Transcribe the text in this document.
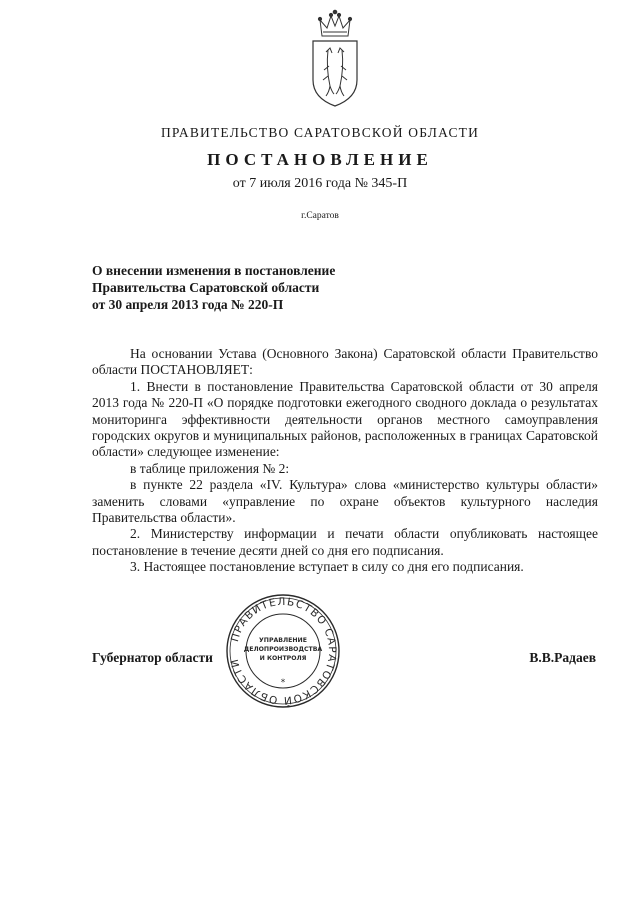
ПРАВИТЕЛЬСТВО САРАТОВСКОЙ ОБЛАСТИ
ПОСТАНОВЛЕНИЕ
от 7 июля 2016 года № 345-П
г.Саратов
О внесении изменения в постановление
Правительства Саратовской области
от 30 апреля 2013 года № 220-П
На основании Устава (Основного Закона) Саратовской области Правительство области ПОСТАНОВЛЯЕТ:
1. Внести в постановление Правительства Саратовской области от 30 апреля 2013 года № 220-П «О порядке подготовки ежегодного сводного доклада о результатах мониторинга эффективности деятельности органов местного самоуправления городских округов и муниципальных районов, расположенных в границах Саратовской области» следующее изменение:
в таблице приложения № 2:
в пункте 22 раздела «IV. Культура» слова «министерство культуры области» заменить словами «управление по охране объектов культурного наследия Правительства области».
2. Министерству информации и печати области опубликовать настоящее постановление в течение десяти дней со дня его подписания.
3. Настоящее постановление вступает в силу со дня его подписания.
Губернатор области	В.В.Радаев
ПРАВИТЕЛЬСТВО САРАТОВСКОЙ ОБЛАСТИ
УПРАВЛЕНИЕ
ДЕЛОПРОИЗВОДСТВА
И КОНТРОЛЯ
*
